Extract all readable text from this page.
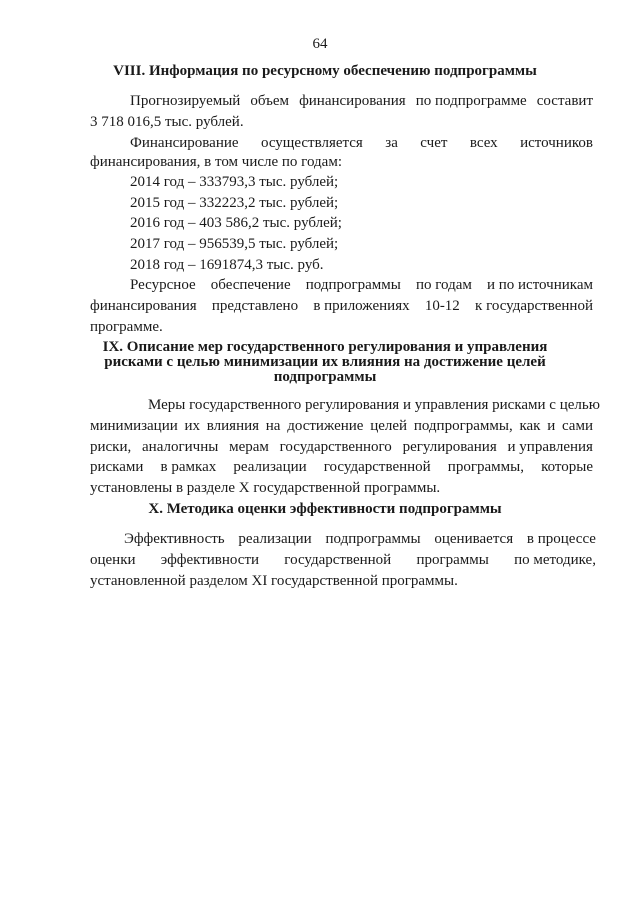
64
VIII. Информация по ресурсному обеспечению подпрограммы
Прогнозируемый объем финансирования по подпрограмме составит
3 718 016,5 тыс. рублей.
Финансирование осуществляется за счет всех источников
финансирования, в том числе по годам:
2014 год – 333793,3 тыс. рублей;
2015 год – 332223,2 тыс. рублей;
2016 год – 403 586,2 тыс. рублей;
2017 год – 956539,5 тыс. рублей;
2018 год – 1691874,3 тыс. руб.
Ресурсное обеспечение подпрограммы по годам и по источникам
финансирования представлено в приложениях 10-12 к государственной
программе.
IX. Описание мер государственного регулирования и управления
рисками с целью минимизации их влияния на достижение целей
подпрограммы
Меры государственного регулирования и управления рисками с целью
минимизации их влияния на достижение целей подпрограммы, как и сами
риски, аналогичны мерам государственного регулирования и управления
рисками в рамках реализации государственной программы, которые
установлены в разделе X государственной программы.
X. Методика оценки эффективности подпрограммы
Эффективность реализации подпрограммы оценивается в процессе
оценки эффективности государственной программы по методике,
установленной разделом XI государственной программы.
